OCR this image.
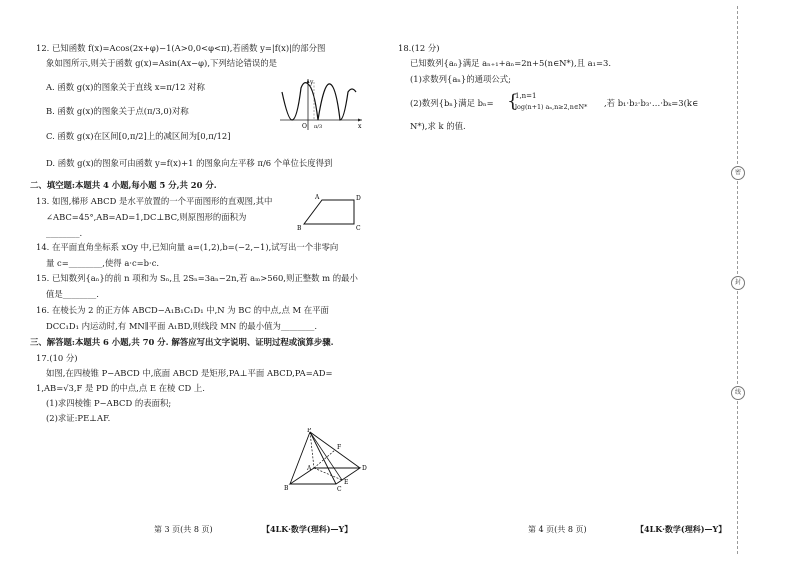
12. 已知函数 f(x)=Acos(2x+φ)−1(A>0,0<φ<π),若函数 y=|f(x)|的部分图
象如图所示,则关于函数 g(x)=Asin(Ax−φ),下列结论错误的是
A. 函数 g(x)的图象关于直线 x=π/12 对称
B. 函数 g(x)的图象关于点(π/3,0)对称
C. 函数 g(x)在区间[0,π/2]上的减区间为[0,π/12]
D. 函数 g(x)的图象可由函数 y=f(x)+1 的图象向左平移 π/6 个单位长度得到
y
x
O π/3
二、填空题:本题共 4 小题,每小题 5 分,共 20 分.
13. 如图,梯形 ABCD 是水平放置的一个平面图形的直观图,其中
∠ABC=45°,AB=AD=1,DC⊥BC,则原图形的面积为
________.	B
A	D
C
14. 在平面直角坐标系 xOy 中,已知向量 a=(1,2),b=(−2,−1),试写出一个非零向
量 c=________,使得 a·c=b·c.
15. 已知数列{aₙ}的前 n 项和为 Sₙ,且 2Sₙ=3aₙ−2n,若 aₘ>560,则正整数 m 的最小
值是________.
16. 在棱长为 2 的正方体 ABCD−A₁B₁C₁D₁ 中,N 为 BC 的中点,点 M 在平面
DCC₁D₁ 内运动时,有 MN∥平面 A₁BD,则线段 MN 的最小值为________.
三、解答题:本题共 6 小题,共 70 分. 解答应写出文字说明、证明过程或演算步骤.
17.(10 分)
如图,在四棱锥 P−ABCD 中,底面 ABCD 是矩形,PA⊥平面 ABCD,PA=AD=
1,AB=√3,F 是 PD 的中点,点 E 在棱 CD 上.
(1)求四棱锥 P−ABCD 的表面积;
(2)求证:PE⊥AF.
P
A
B	C
D
E
F
第 3 页(共 8 页)	【4LK·数学(理科)—Y】
18.(12 分)
已知数列{aₙ}满足 aₙ₊₁+aₙ=2n+5(n∈N*),且 a₁=3.
(1)求数列{aₙ}的通项公式;
(2)数列{bₙ}满足 bₙ= {
1,n=1
log(n+1) aₙ,n≥2,n∈N* ,若 b₁·b₂·b₃·…·bₖ=3(k∈
N*),求 k 的值.
第 4 页(共 8 页)	【4LK·数学(理科)—Y】
密
封
线
